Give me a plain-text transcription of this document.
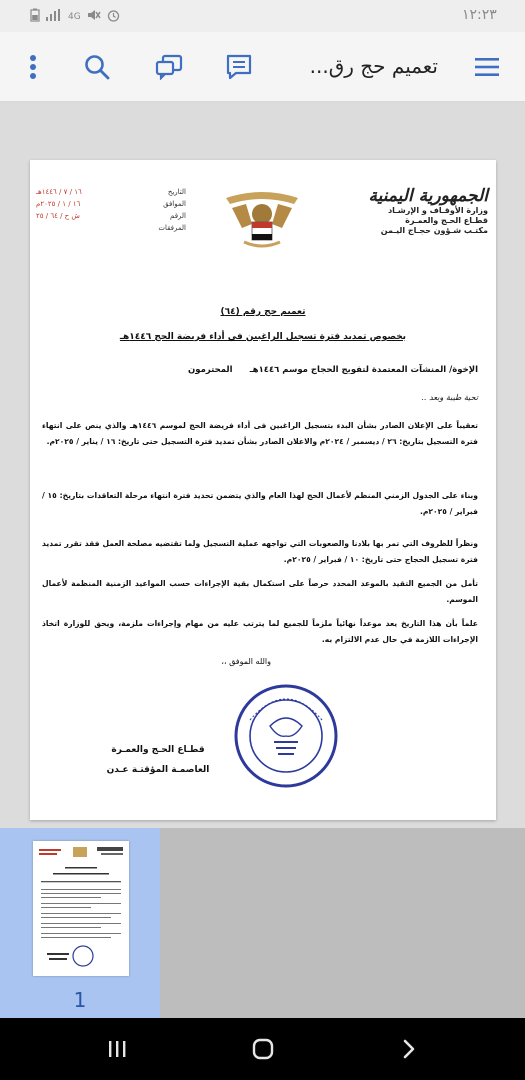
4G	١٢:٢٣
تعميم حج رق...
التاريخ
١٦ / ٧ / ١٤٤٦هـ
الموافق
١٦ / ١ / ٢٠٢٥م
الرقم
ش ح / ٦٤ / ٢٥
المرفقات
الجمهورية اليمنية
وزارة الأوقـاف و الإرشـاد
قطـاع الحـج والعمـرة
مكتـب شـؤون حجـاج اليـمن
تعميم حج رقم (٦٤)
بخصوص تمديد فترة تسجيل الراغبين في أداء فريضة الحج ١٤٤٦هـ
الإخوة/ المنشآت المعتمدة لتفويج الحجاج موسم ١٤٤٦هـ
المحترمون
تحية طيبة وبعد ..
تعقيباً على الإعلان الصادر بشأن البدء بتسجيل الراغبين فى أداء فريضة الحج لموسم ١٤٤٦هـ والذي ينص على انتهاء فترة التسجيل بتاريخ: ٢٦ / ديسمبر / ٢٠٢٤م والاعلان الصادر بشأن تمديد فترة التسجيل حتى تاريخ: ١٦ / يناير / ٢٠٢٥م.
وبناء على الجدول الزمني المنظم لأعمال الحج لهذا العام والذي يتضمن تحديد فترة انتهاء مرحلة التعاقدات بتاريخ: ١٥ / فبراير / ٢٠٢٥م.
ونظراً للظروف التي تمر بها بلادنا والصعوبات التي تواجهه عملية التسجيل ولما تقتضيه مصلحة العمل فقد تقرر تمديد فترة تسجيل الحجاج حتى تاريخ: ١٠ / فبراير / ٢٠٢٥م.
تأمل من الجميع التقيد بالموعد المحدد حرصاً على استكمال بقية الإجراءات حسب المواعيد الزمنية المنظمة لأعمال الموسم.
علماً بأن هذا التاريخ يعد موعداً نهائياً ملزماً للجميع لما يترتب عليه من مهام وإجراءات ملزمة، ويحق للوزارة اتخاذ الإجراءات اللازمة في حال عدم الالتزام به.
والله الموفق ،،
قطـاع الحـج والعمـرة
العاصمـة المؤقتـة عـدن
1
